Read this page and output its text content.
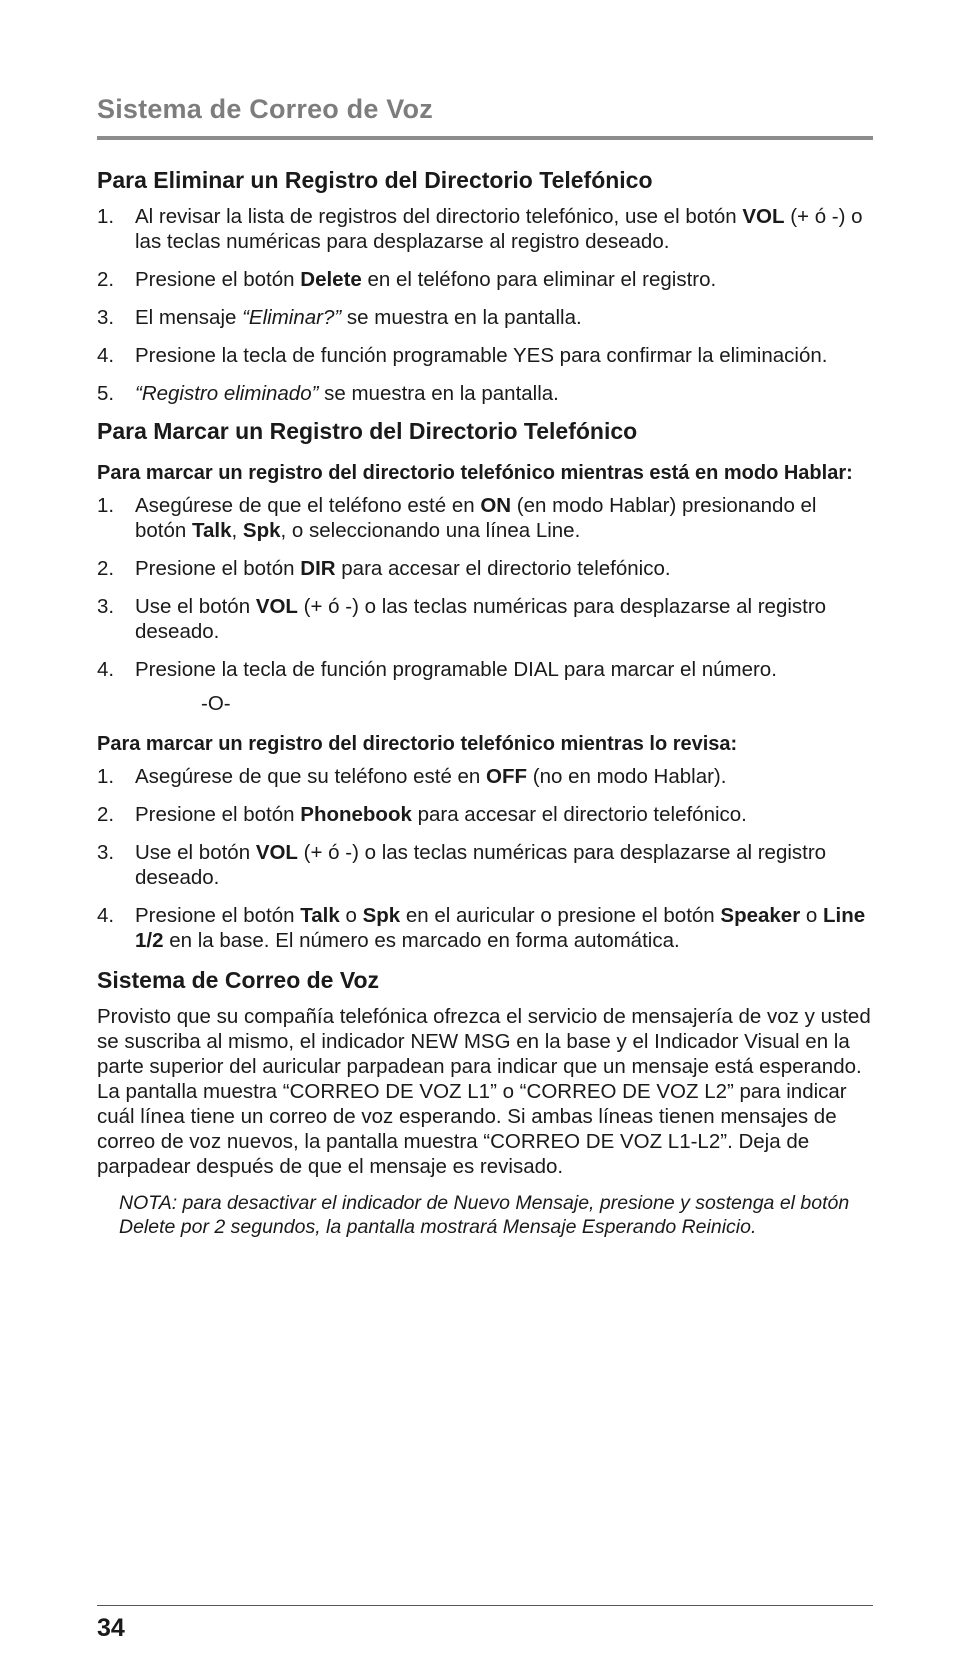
Sistema de Correo de Voz
Para Eliminar un Registro del Directorio Telefónico
1. Al revisar la lista de registros del directorio telefónico, use el botón VOL (+ ó -) o las teclas numéricas para desplazarse al registro deseado.
2. Presione el botón Delete en el teléfono para eliminar el registro.
3. El mensaje “Eliminar?” se muestra en la pantalla.
4. Presione la tecla de función programable YES para confirmar la eliminación.
5. “Registro eliminado” se muestra en la pantalla.
Para Marcar un Registro del Directorio Telefónico
Para marcar un registro del directorio telefónico mientras está en modo Hablar:
1. Asegúrese de que el teléfono esté en ON (en modo Hablar) presionando el botón Talk, Spk, o seleccionando una línea Line.
2. Presione el botón DIR para accesar el directorio telefónico.
3. Use el botón VOL (+ ó -) o las teclas numéricas para desplazarse al registro deseado.
4. Presione la tecla de función programable DIAL para marcar el número.
-O-
Para marcar un registro del directorio telefónico mientras lo revisa:
1. Asegúrese de que su teléfono esté en OFF (no en modo Hablar).
2. Presione el botón Phonebook para accesar el directorio telefónico.
3. Use el botón VOL (+ ó -) o las teclas numéricas para desplazarse al registro deseado.
4. Presione el botón Talk o Spk en el auricular o presione el botón Speaker o Line 1/2 en la base. El número es marcado en forma automática.
Sistema de Correo de Voz

Provisto que su compañía telefónica ofrezca el servicio de mensajería de voz y usted se suscriba al mismo, el indicador NEW MSG en la base y el Indicador Visual en la parte superior del auricular parpadean para indicar que un mensaje está esperando. La pantalla muestra “CORREO DE VOZ L1” o “CORREO DE VOZ L2” para indicar cuál línea tiene un correo de voz esperando. Si ambas líneas tienen mensajes de correo de voz nuevos, la pantalla muestra “CORREO DE VOZ L1-L2”. Deja de parpadear después de que el mensaje es revisado.

NOTA: para desactivar el indicador de Nuevo Mensaje, presione y sostenga el botón Delete por 2 segundos, la pantalla mostrará Mensaje Esperando Reinicio.

34
